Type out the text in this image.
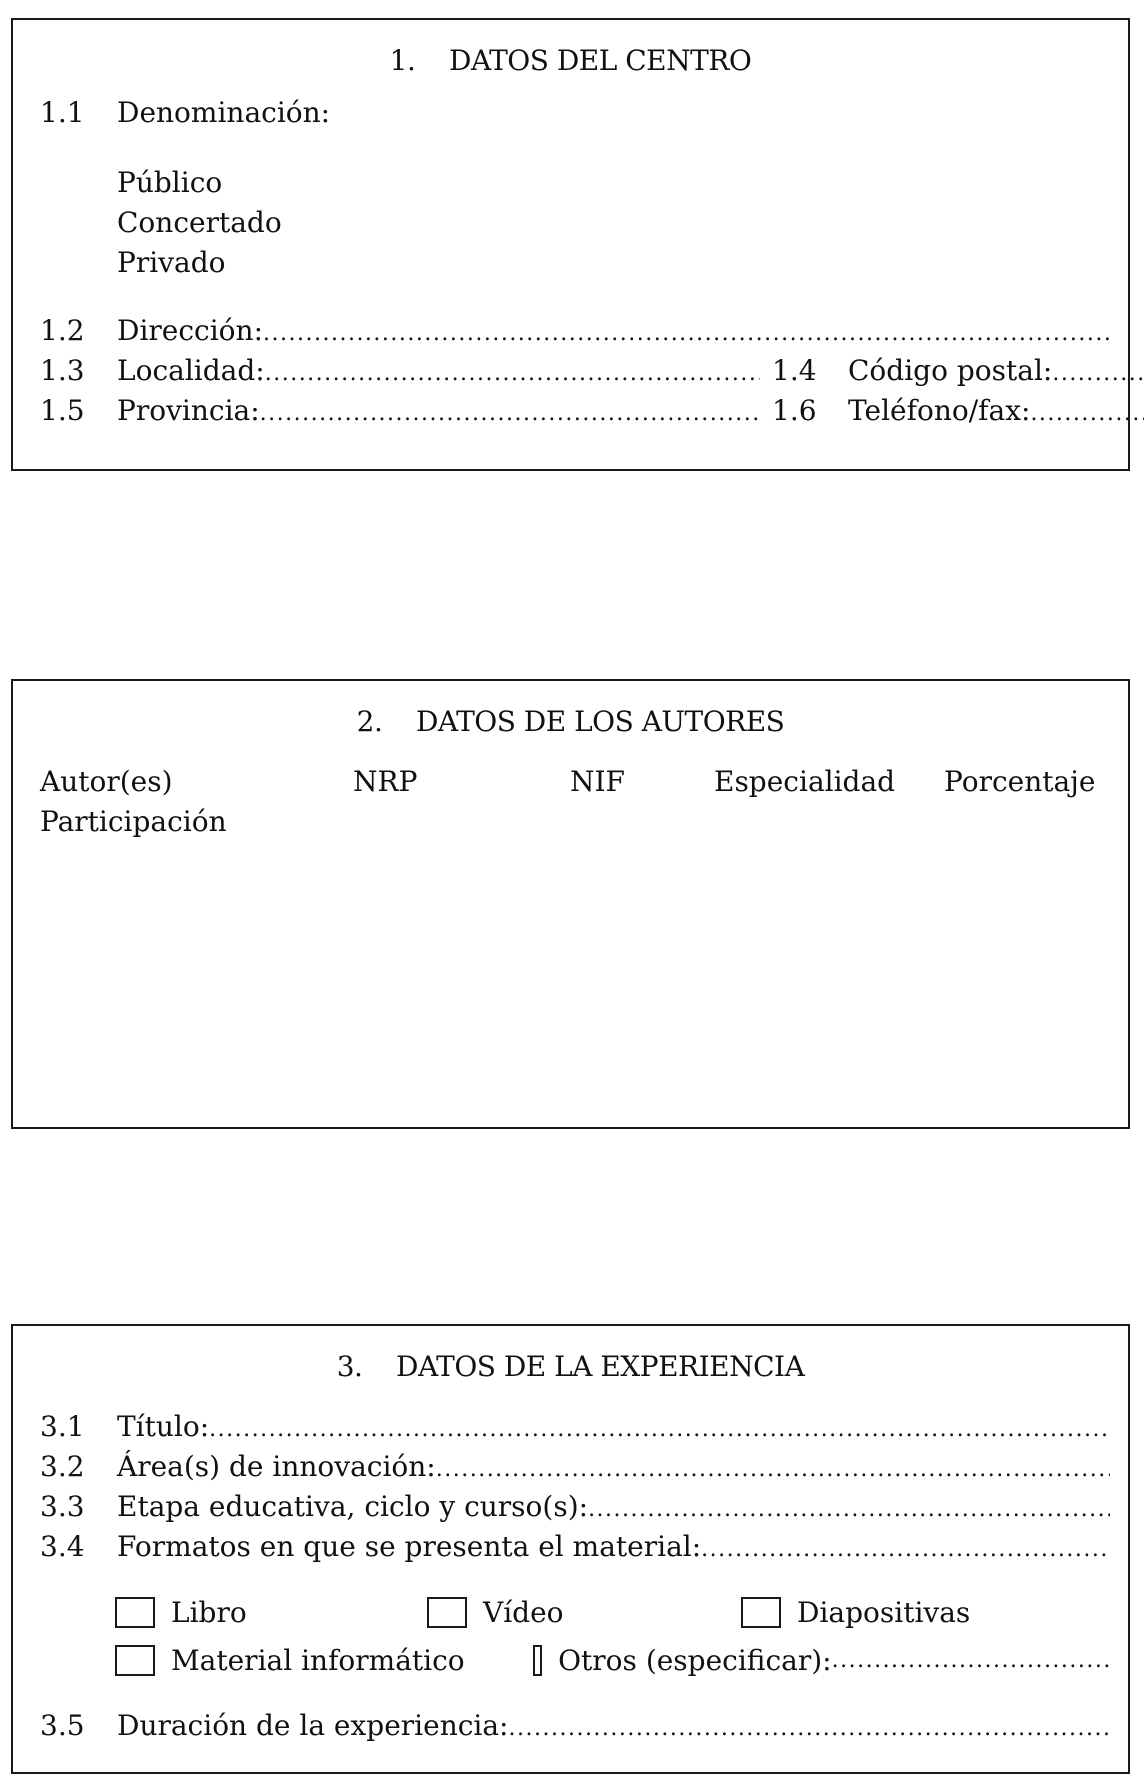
1.    DATOS DEL CENTRO
1.1	Denominación:
Público
Concertado
Privado
1.2	Dirección:
.....
1.3	Localidad: .....	1.4	Código postal:
.....
1.5	Provincia: .....	1.6	Teléfono/fax:
.....
2.    DATOS DE LOS AUTORES
Autor(es)	NRP	NIF	Especialidad Porcentaje
Participación
3.    DATOS DE LA EXPERIENCIA
3.1	Título:
.....
3.2	Área(s) de innovación:
.....
3.3	Etapa educativa, ciclo y curso(s):
.....
3.4	Formatos en que se presenta el material:
.....
Libro	Vídeo	Diapositivas
Material informático	Otros (especificar):
.....
3.5	Duración de la experiencia:
.....
